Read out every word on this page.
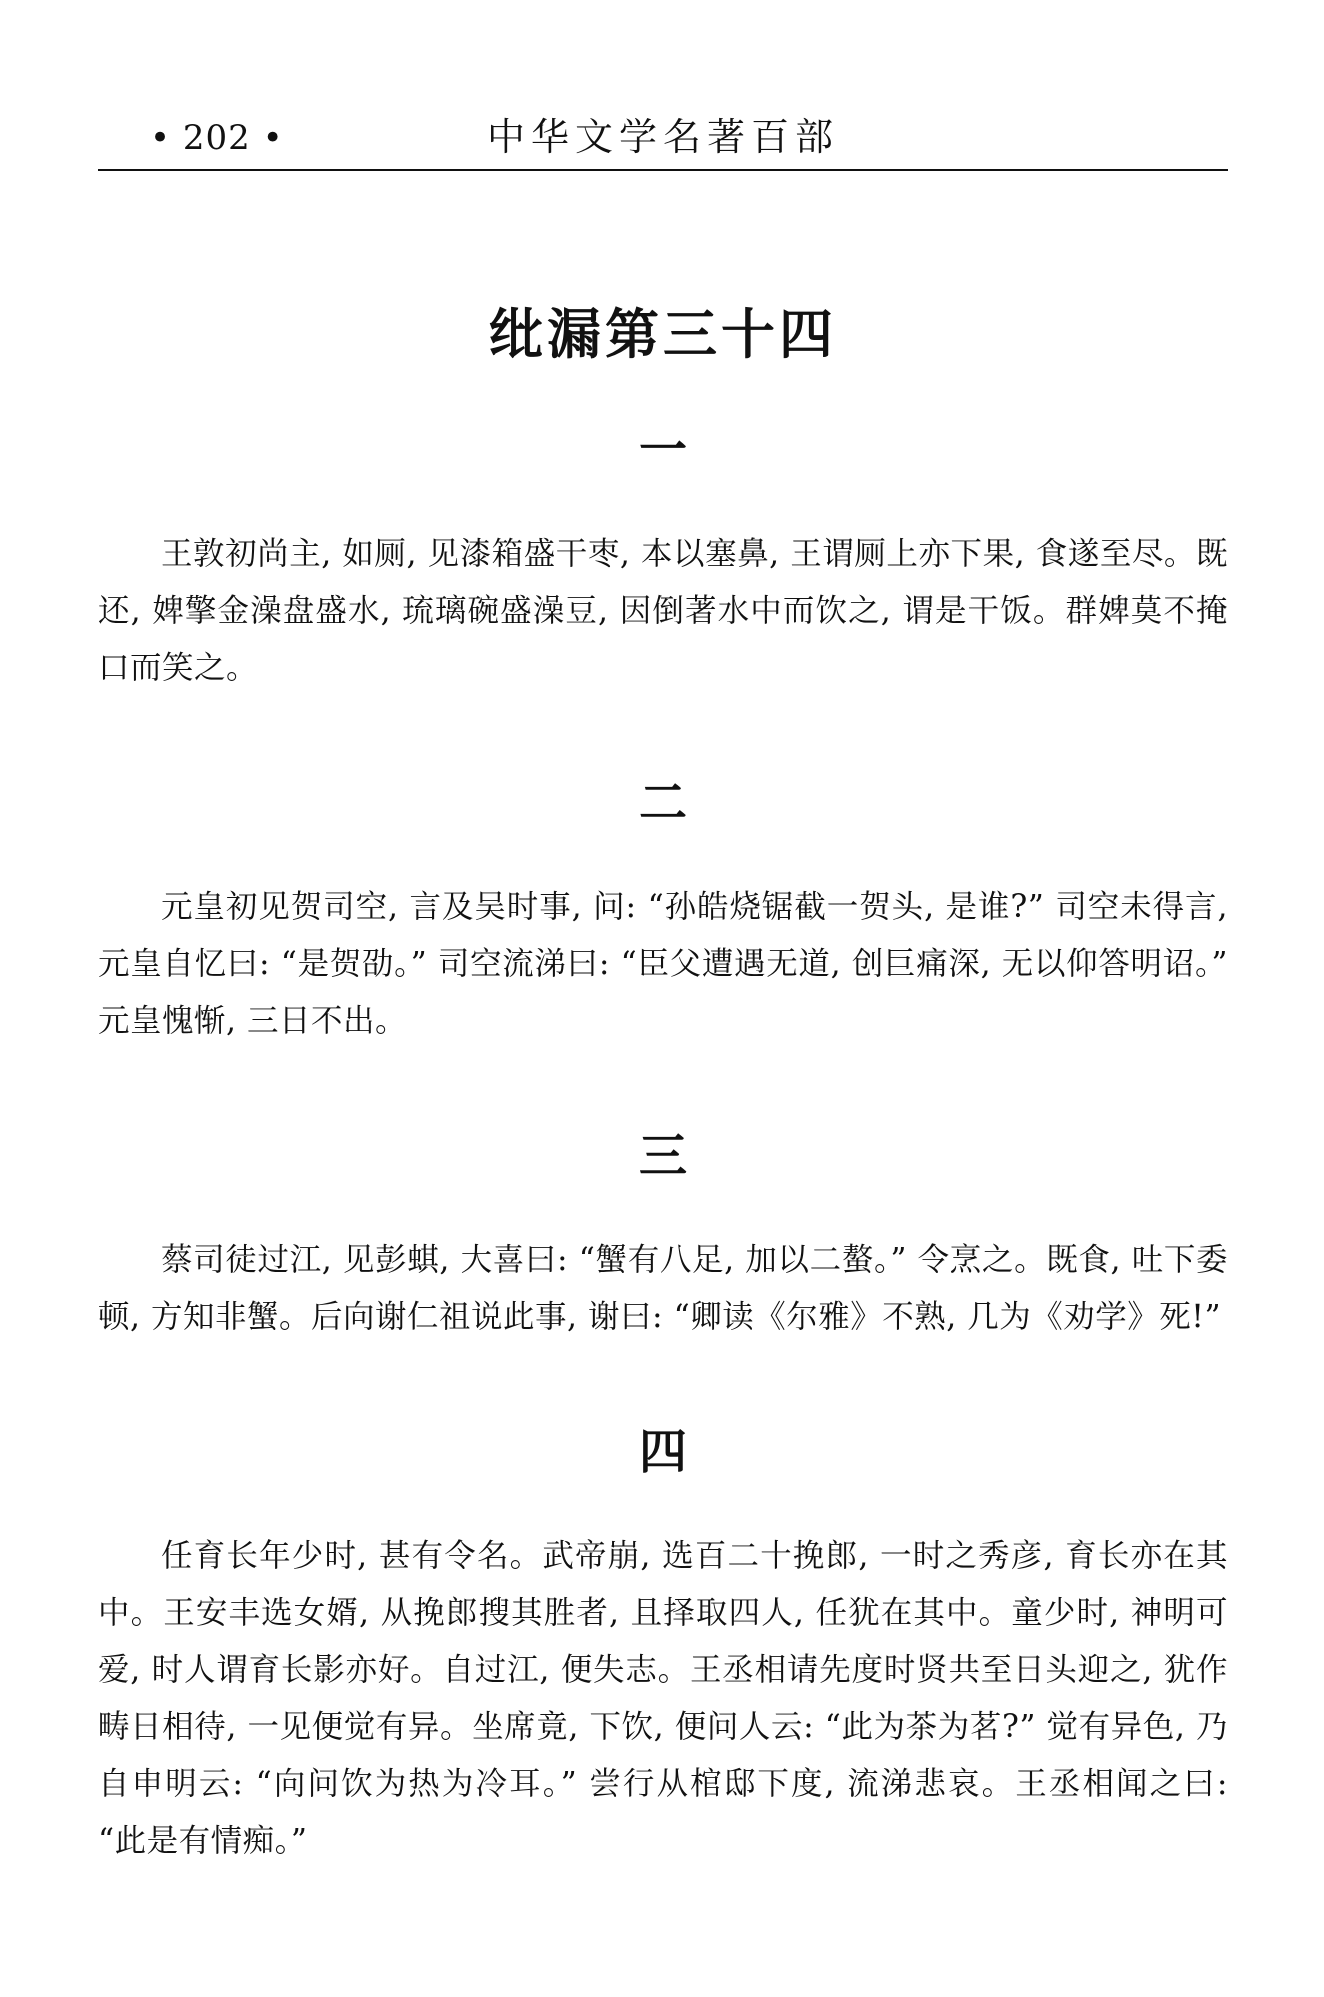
• 202 •	中华文学名著百部
纰漏第三十四
一

王敦初尚主, 如厕, 见漆箱盛干枣, 本以塞鼻, 王谓厕上亦下果, 食遂至尽。既还, 婢擎金澡盘盛水, 琉璃碗盛澡豆, 因倒著水中而饮之, 谓是干饭。群婢莫不掩口而笑之。

二

元皇初见贺司空, 言及吴时事, 问: “孙皓烧锯截一贺头, 是谁?” 司空未得言, 元皇自忆曰: “是贺劭。” 司空流涕曰: “臣父遭遇无道, 创巨痛深, 无以仰答明诏。” 元皇愧惭, 三日不出。

三

蔡司徒过江, 见彭蜞, 大喜曰: “蟹有八足, 加以二螯。” 令烹之。既食, 吐下委顿, 方知非蟹。后向谢仁祖说此事, 谢曰: “卿读《尔雅》不熟, 几为《劝学》死!”

四

任育长年少时, 甚有令名。武帝崩, 选百二十挽郎, 一时之秀彦, 育长亦在其中。王安丰选女婿, 从挽郎搜其胜者, 且择取四人, 任犹在其中。童少时, 神明可爱, 时人谓育长影亦好。自过江, 便失志。王丞相请先度时贤共至日头迎之, 犹作畴日相待, 一见便觉有异。坐席竟, 下饮, 便问人云: “此为茶为茗?” 觉有异色, 乃自申明云: “向问饮为热为冷耳。” 尝行从棺邸下度, 流涕悲哀。王丞相闻之曰: “此是有情痴。”
